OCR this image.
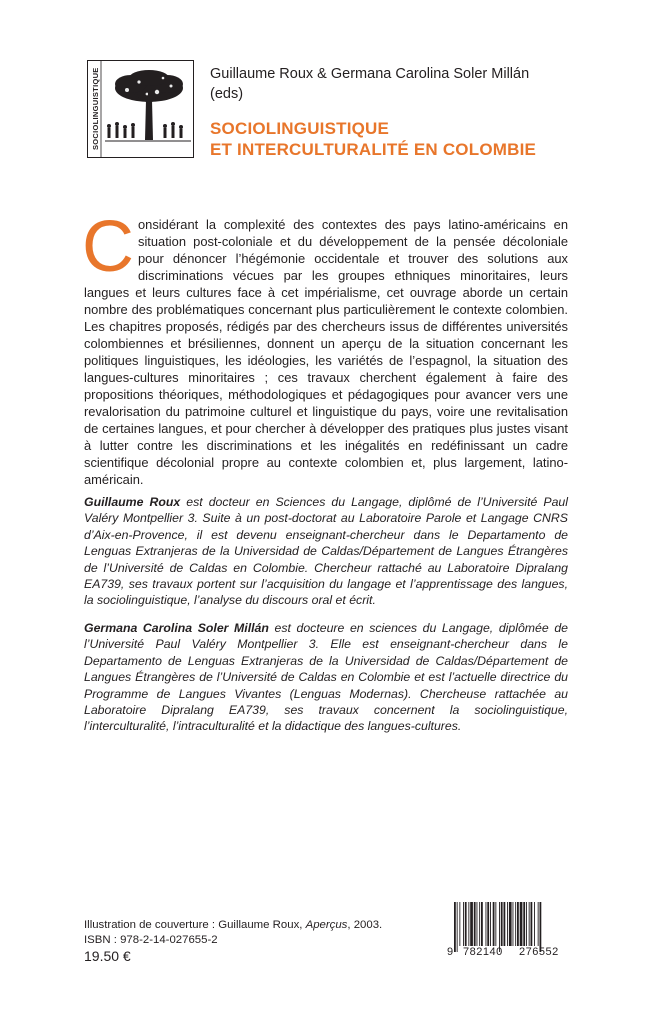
SOCIOLINGUISTIQUE	Guillaume Roux & Germana Carolina Soler Millán
(eds)
SOCIOLINGUISTIQUE
ET INTERCULTURALITÉ EN COLOMBIE
Considérant la complexité des contextes des pays latino-américains en situation post-coloniale et du développement de la pensée décoloniale pour dénoncer l’hégémonie occidentale et trouver des solutions aux discriminations vécues par les groupes ethniques minoritaires, leurs langues et leurs cultures face à cet impérialisme, cet ouvrage aborde un certain nombre des problématiques concernant plus particulièrement le contexte colombien. Les chapitres proposés, rédigés par des chercheurs issus de différentes universités colombiennes et brésiliennes, donnent un aperçu de la situation concernant les politiques linguistiques, les idéologies, les variétés de l’espagnol, la situation des langues-cultures minoritaires ; ces travaux cherchent également à faire des propositions théoriques, méthodologiques et pédagogiques pour avancer vers une revalorisation du patrimoine culturel et linguistique du pays, voire une revitalisation de certaines langues, et pour chercher à développer des pratiques plus justes visant à lutter contre les discriminations et les inégalités en redéfinissant un cadre scientifique décolonial propre au contexte colombien et, plus largement, latino-américain.
Guillaume Roux est docteur en Sciences du Langage, diplômé de l’Université Paul Valéry Montpellier 3. Suite à un post-doctorat au Laboratoire Parole et Langage CNRS d’Aix-en-Provence, il est devenu enseignant-chercheur dans le Departamento de Lenguas Extranjeras de la Universidad de Caldas/Département de Langues Étrangères de l’Université de Caldas en Colombie. Chercheur rattaché au Laboratoire Dipralang EA739, ses travaux portent sur l’acquisition du langage et l’apprentissage des langues, la sociolinguistique, l’analyse du discours oral et écrit.
Germana Carolina Soler Millán est docteure en sciences du Langage, diplômée de l’Université Paul Valéry Montpellier 3. Elle est enseignant-chercheur dans le Departamento de Lenguas Extranjeras de la Universidad de Caldas/Département de Langues Étrangères de l’Université de Caldas en Colombie et est l’actuelle directrice du Programme de Langues Vivantes (Lenguas Modernas). Chercheuse rattachée au Laboratoire Dipralang EA739, ses travaux concernent la sociolinguistique, l’interculturalité, l’intraculturalité et la didactique des langues-cultures.
Illustration de couverture : Guillaume Roux, Aperçus, 2003.
ISBN : 978-2-14-027655-2
19.50 €	9 782140 276552
